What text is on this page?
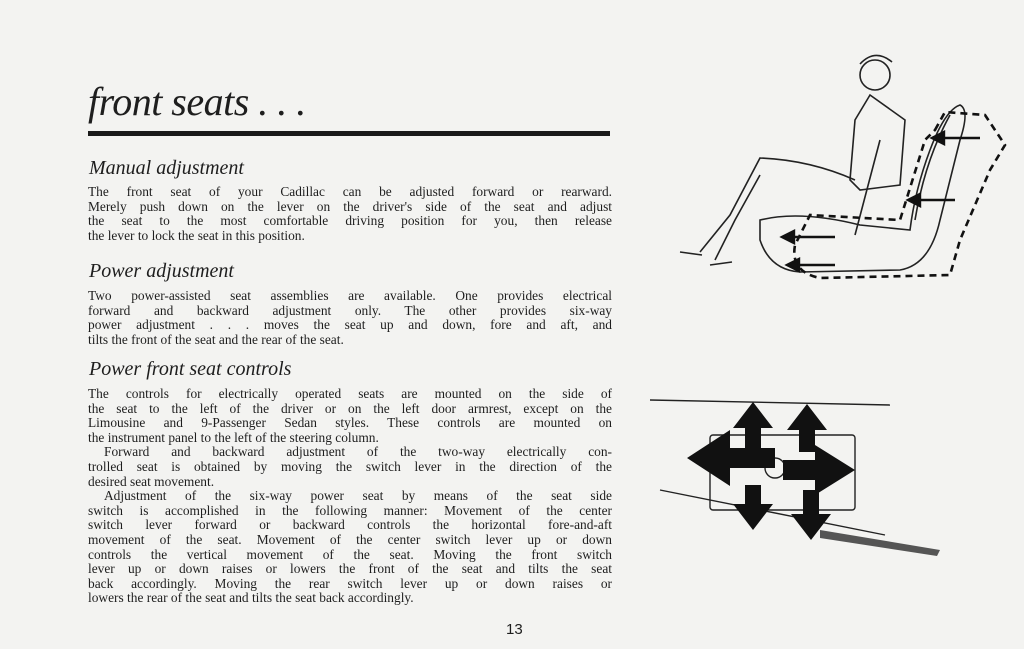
front seats . . .
Manual adjustment
The front seat of your Cadillac can be adjusted forward or rearward.
Merely push down on the lever on the driver's side of the seat and adjust
the seat to the most comfortable driving position for you, then release
the lever to lock the seat in this position.
Power adjustment
Two power-assisted seat assemblies are available. One provides electrical
forward and backward adjustment only. The other provides six-way
power adjustment . . . moves the seat up and down, fore and aft, and
tilts the front of the seat and the rear of the seat.
Power front seat controls
The controls for electrically operated seats are mounted on the side of
the seat to the left of the driver or on the left door armrest, except on the
Limousine and 9-Passenger Sedan styles. These controls are mounted on
the instrument panel to the left of the steering column.
Forward and backward adjustment of the two-way electrically con-
trolled seat is obtained by moving the switch lever in the direction of the
desired seat movement.
Adjustment of the six-way power seat by means of the seat side
switch is accomplished in the following manner: Movement of the center
switch lever forward or backward controls the horizontal fore-and-aft
movement of the seat. Movement of the center switch lever up or down
controls the vertical movement of the seat. Moving the front switch
lever up or down raises or lowers the front of the seat and tilts the seat
back accordingly. Moving the rear switch lever up or down raises or
lowers the rear of the seat and tilts the seat back accordingly.
13
